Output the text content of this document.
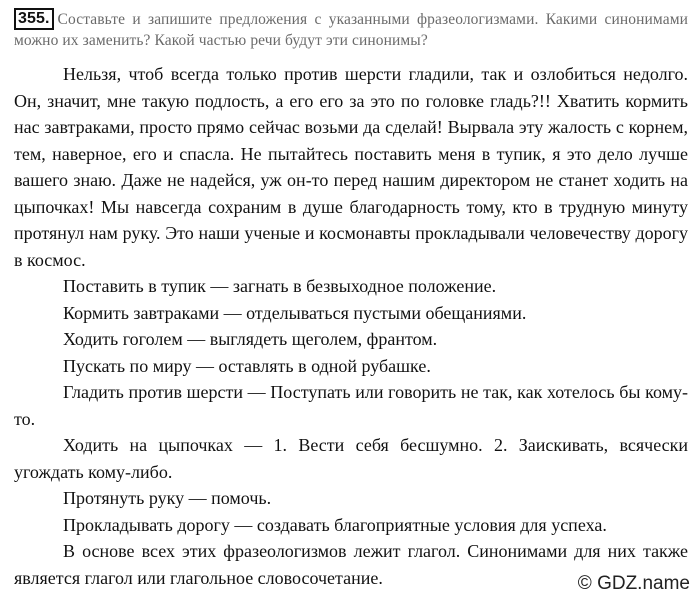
355. Составьте и запишите предложения с указанными фразеологизмами. Какими синонимами можно их заменить? Какой частью речи будут эти синонимы?

Нельзя, чтоб всегда только против шерсти гладили, так и озлобиться недолго. Он, значит, мне такую подлость, а его его за это по головке гладь?!! Хватить кормить нас завтраками, просто прямо сейчас возьми да сделай! Вырвала эту жалость с корнем, тем, наверное, его и спасла. Не пытайтесь поставить меня в тупик, я это дело лучше вашего знаю. Даже не надейся, уж он-то перед нашим директором не станет ходить на цыпочках! Мы навсегда сохраним в душе благодарность тому, кто в трудную минуту протянул нам руку. Это наши ученые и космонавты прокладывали человечеству дорогу в космос.

Поставить в тупик — загнать в безвыходное положение.

Кормить завтраками — отделываться пустыми обещаниями.

Ходить гоголем — выглядеть щеголем, франтом.

Пускать по миру — оставлять в одной рубашке.

Гладить против шерсти — Поступать или говорить не так, как хотелось бы кому-то.

Ходить на цыпочках — 1. Вести себя бесшумно. 2. Заискивать, всячески угождать кому-либо.

Протянуть руку — помочь.

Прокладывать дорогу — создавать благоприятные условия для успеха.

В основе всех этих фразеологизмов лежит глагол. Синонимами для них также является глагол или глагольное словосочетание.	© GDZ.name
